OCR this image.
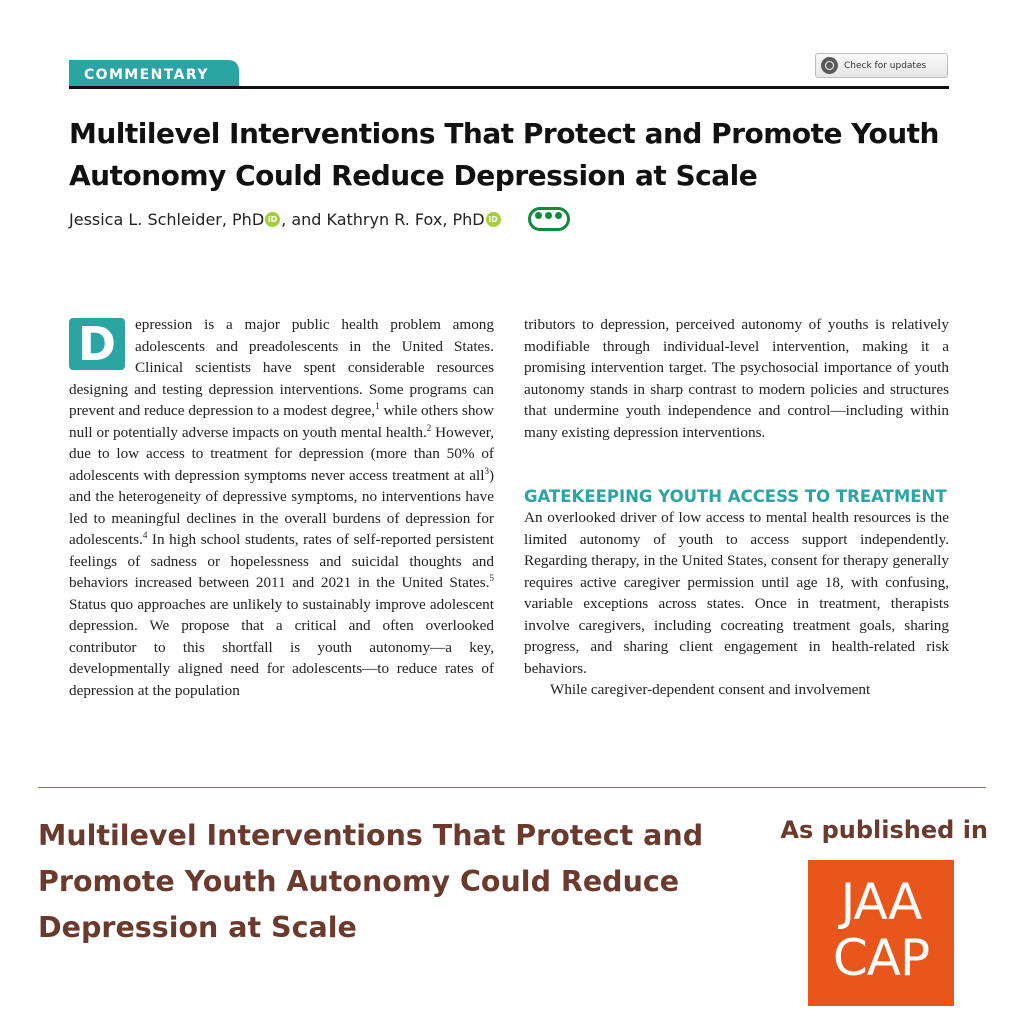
COMMENTARY
Check for updates
Multilevel Interventions That Protect and Promote Youth Autonomy Could Reduce Depression at Scale
Jessica L. Schleider, PhD iD , and Kathryn R. Fox, PhD iD

D	epression is a major public health problem among adolescents and preadolescents in the United States. Clinical scientists have spent considerable resources designing and testing depression interventions. Some programs can prevent and reduce depression to a modest degree,$^1$ while others show null or potentially adverse impacts on youth mental health.$^2$ However, due to low access to treatment for depression (more than 50% of adolescents with depression symptoms never access treatment at all$^3$) and the heterogeneity of depressive symptoms, no interventions have led to meaningful declines in the overall burdens of depression for adolescents.$^4$ In high school students, rates of self-reported persistent feelings of sadness or hopelessness and suicidal thoughts and behaviors increased between 2011 and 2021 in the United States.$^5$ Status quo approaches are unlikely to sustainably improve adolescent depression. We propose that a critical and often overlooked contributor to this shortfall is youth autonomy—a key, developmentally aligned need for adolescents—to reduce rates of depression at the population

tributors to depression, perceived autonomy of youths is relatively modifiable through individual-level intervention, making it a promising intervention target. The psychosocial importance of youth autonomy stands in sharp contrast to modern policies and structures that undermine youth independence and control—including within many existing depression interventions.

GATEKEEPING YOUTH ACCESS TO TREATMENT

An overlooked driver of low access to mental health resources is the limited autonomy of youth to access support independently. Regarding therapy, in the United States, consent for therapy generally requires active caregiver permission until age 18, with confusing, variable exceptions across states. Once in treatment, therapists involve caregivers, including cocreating treatment goals, sharing progress, and sharing client engagement in health-related risk behaviors.

While caregiver-dependent consent and involvement

Multilevel Interventions That Protect and Promote Youth Autonomy Could Reduce Depression at Scale
As published in
JAA
CAP
